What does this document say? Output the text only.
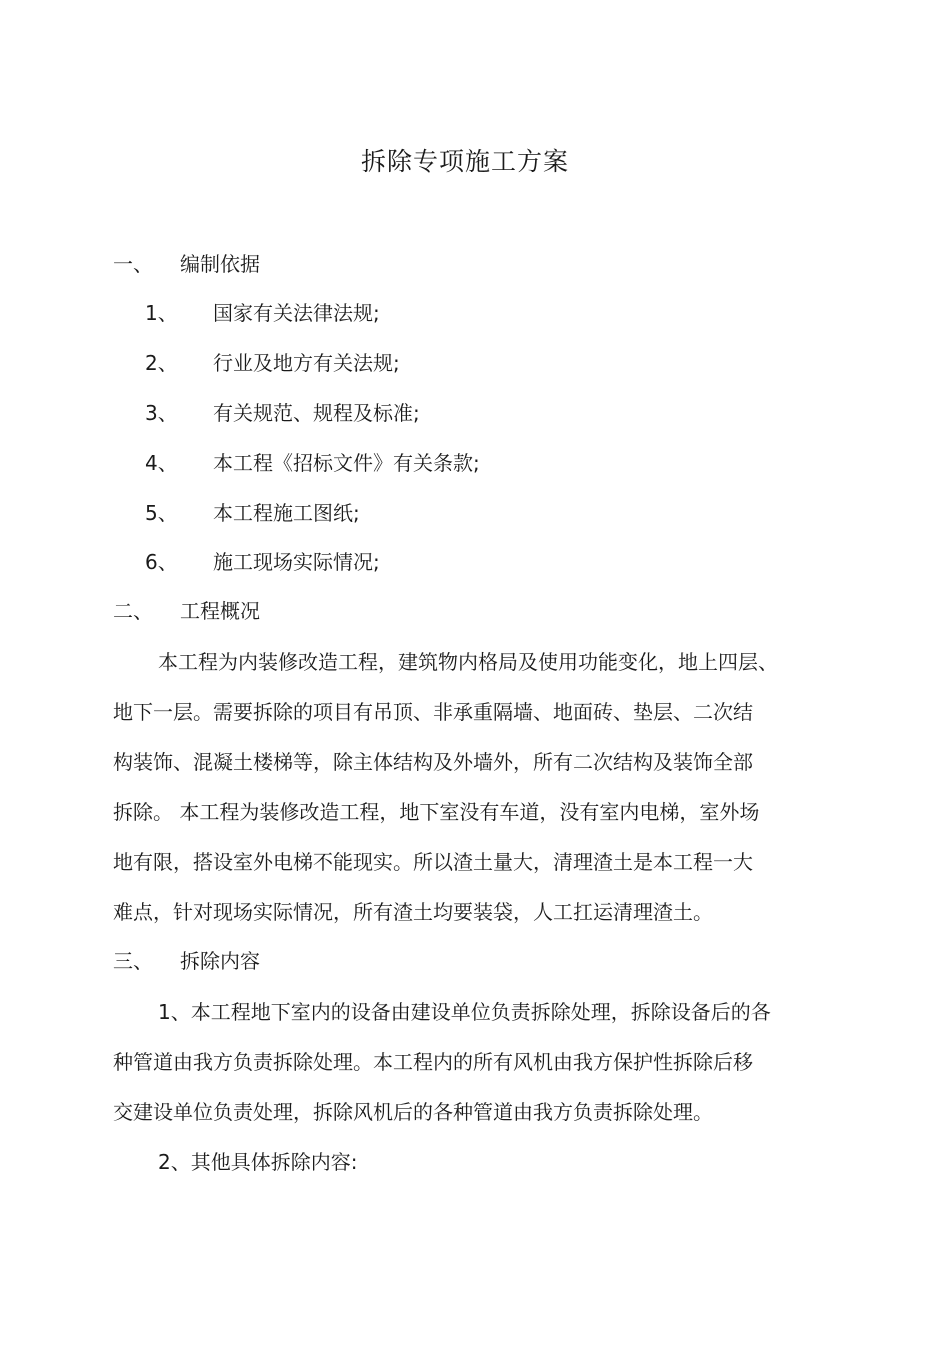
拆除专项施工方案
一、 编制依据
1、 国家有关法律法规;
2、 行业及地方有关法规;
3、 有关规范、规程及标准;
4、 本工程《招标文件》有关条款;
5、 本工程施工图纸;
6、 施工现场实际情况;
二、 工程概况
本工程为内装修改造工程，建筑物内格局及使用功能变化，地上四层、
地下一层。需要拆除的项目有吊顶、非承重隔墙、地面砖、垫层、二次结
构装饰、混凝土楼梯等，除主体结构及外墙外，所有二次结构及装饰全部
拆除。 本工程为装修改造工程，地下室没有车道，没有室内电梯，室外场
地有限，搭设室外电梯不能现实。所以渣土量大，清理渣土是本工程一大
难点，针对现场实际情况，所有渣土均要装袋，人工扛运清理渣土。
三、 拆除内容
1、本工程地下室内的设备由建设单位负责拆除处理，拆除设备后的各
种管道由我方负责拆除处理。本工程内的所有风机由我方保护性拆除后移
交建设单位负责处理，拆除风机后的各种管道由我方负责拆除处理。
2、其他具体拆除内容:
